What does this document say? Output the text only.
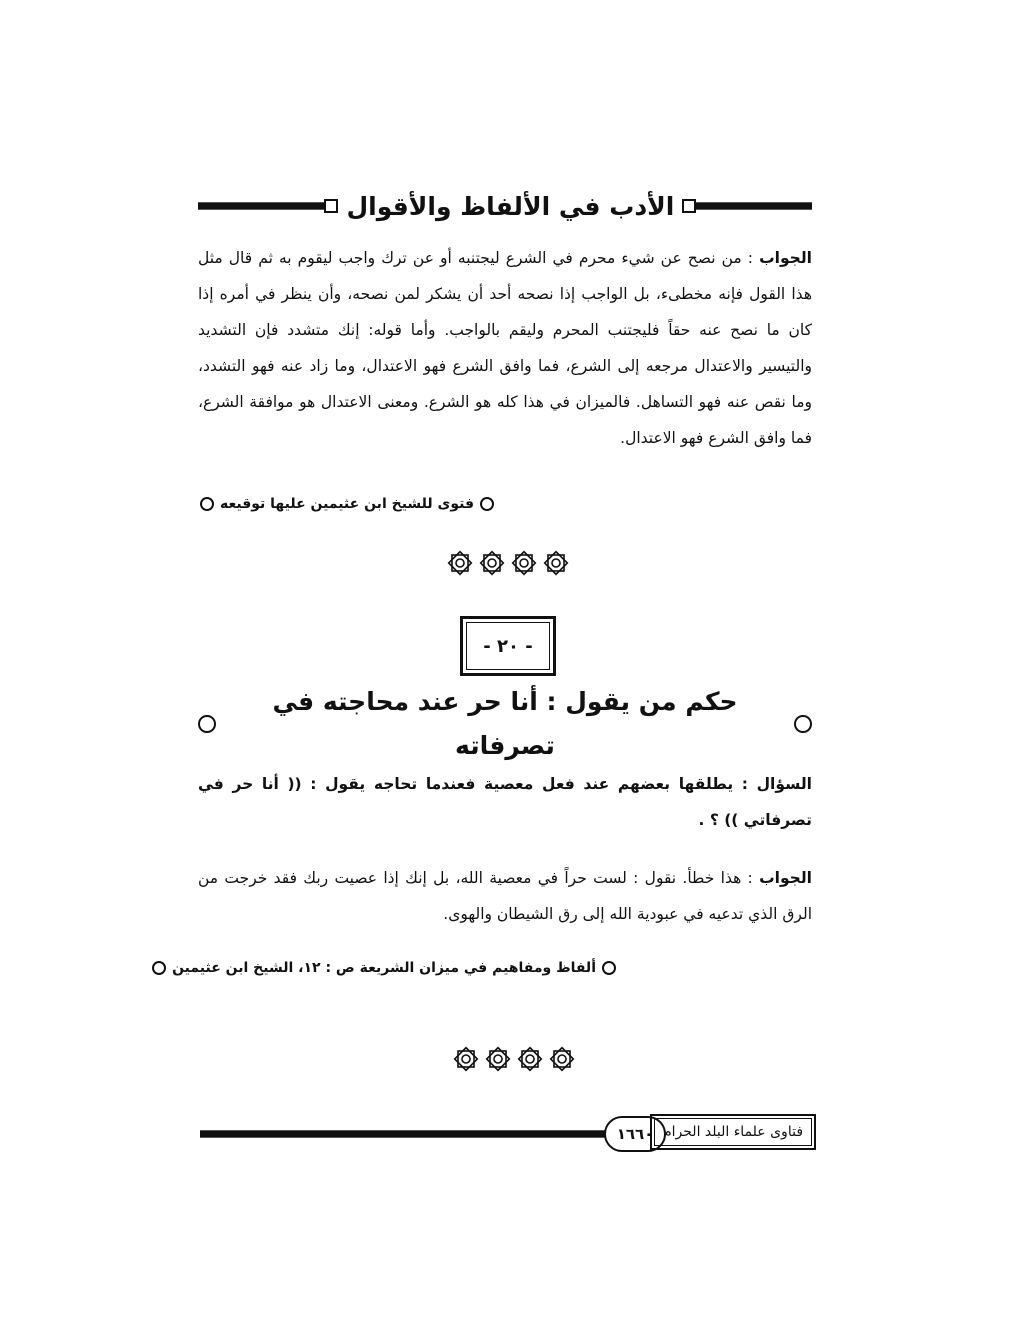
الأدب في الألفاظ والأقوال
الجواب : من نصح عن شيء محرم في الشرع ليجتنبه أو عن ترك واجب ليقوم به ثم قال مثل هذا القول فإنه مخطىء، بل الواجب إذا نصحه أحد أن يشكر لمن نصحه، وأن ينظر في أمره إذا كان ما نصح عنه حقاً فليجتنب المحرم وليقم بالواجب. وأما قوله: إنك متشدد فإن التشديد والتيسير والاعتدال مرجعه إلى الشرع، فما وافق الشرع فهو الاعتدال، وما زاد عنه فهو التشدد، وما نقص عنه فهو التساهل. فالميزان في هذا كله هو الشرع. ومعنى الاعتدال هو موافقة الشرع، فما وافق الشرع فهو الاعتدال.
فتوى للشيخ ابن عثيمين عليها توقيعه
- ٢٠ -
حكم من يقول : أنا حر عند محاجته في تصرفاته
السؤال : يطلقها بعضهم عند فعل معصية فعندما تحاجه يقول : (( أنا حر في تصرفاتي )) ؟ .
الجواب : هذا خطأ. نقول : لست حراً في معصية الله، بل إنك إذا عصيت ربك فقد خرجت من الرق الذي تدعيه في عبودية الله إلى رق الشيطان والهوى.
ألفاظ ومفاهيم في ميزان الشريعة ص : ١٢، الشيخ ابن عثيمين
١٦٦٠ فتاوى علماء البلد الحرام
